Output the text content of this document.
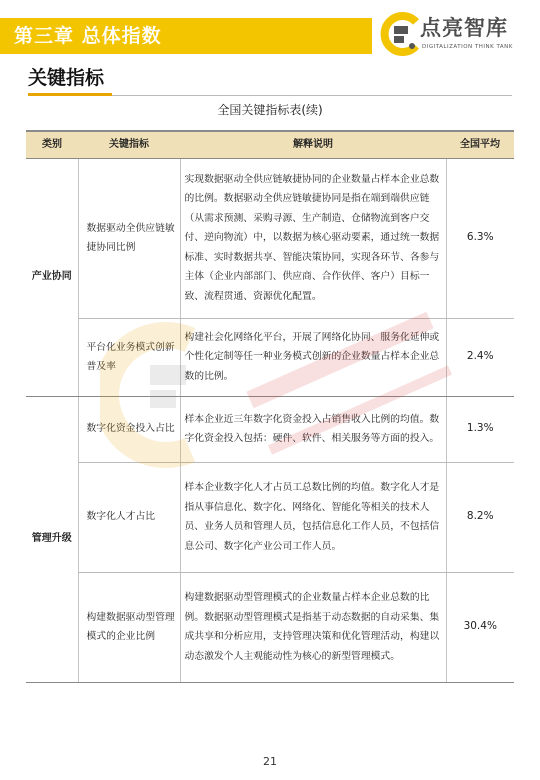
第三章 总体指数	点亮智库
DIGITALIZATION THINK TANK
关键指标
全国关键指标表(续)
类别	关键指标	解释说明	全国平均
产业协同	数据驱动全供应链敏捷协同比例	实现数据驱动全供应链敏捷协同的企业数量占样本企业总数的比例。数据驱动全供应链敏捷协同是指在端到端供应链（从需求预测、采购寻源、生产制造、仓储物流到客户交付、逆向物流）中，以数据为核心驱动要素，通过统一数据标准、实时数据共享、智能决策协同，实现各环节、各参与主体（企业内部部门、供应商、合作伙伴、客户）目标一致、流程贯通、资源优化配置。	6.3%
	平台化业务模式创新普及率	构建社会化网络化平台，开展了网络化协同、服务化延伸或个性化定制等任一种业务模式创新的企业数量占样本企业总数的比例。	2.4%
管理升级	数字化资金投入占比	样本企业近三年数字化资金投入占销售收入比例的均值。数字化资金投入包括：硬件、软件、相关服务等方面的投入。	1.3%
	数字化人才占比	样本企业数字化人才占员工总数比例的均值。数字化人才是指从事信息化、数字化、网络化、智能化等相关的技术人员、业务人员和管理人员，包括信息化工作人员，不包括信息公司、数字化产业公司工作人员。	8.2%
	构建数据驱动型管理模式的企业比例	构建数据驱动型管理模式的企业数量占样本企业总数的比例。数据驱动型管理模式是指基于动态数据的自动采集、集成共享和分析应用，支持管理决策和优化管理活动，构建以动态激发个人主观能动性为核心的新型管理模式。	30.4%
21
